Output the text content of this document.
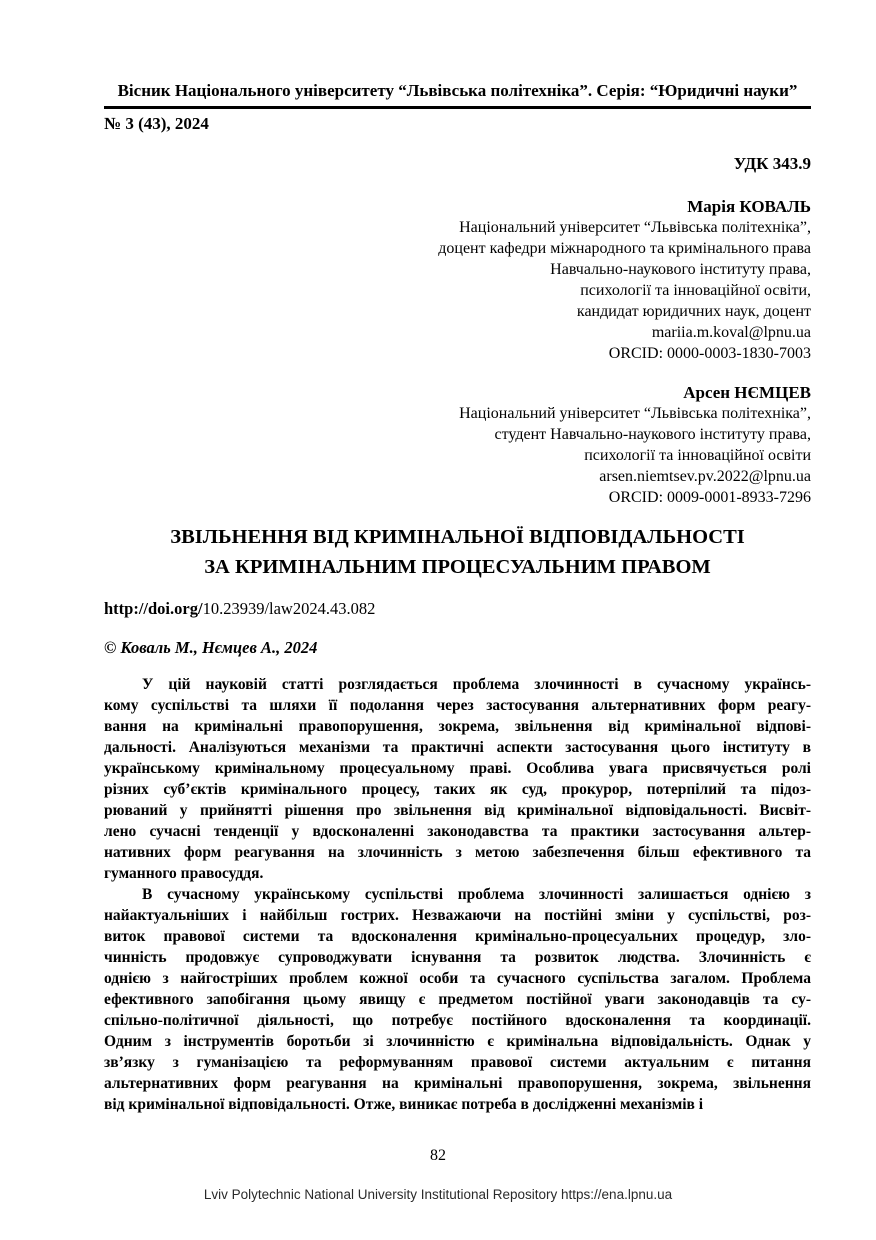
Вісник Національного університету “Львівська політехніка”. Серія: “Юридичні науки”
№ 3 (43), 2024
УДК 343.9
Марія КОВАЛЬ
Національний університет “Львівська політехніка”,
доцент кафедри міжнародного та кримінального права
Навчально-наукового інституту права,
психології та інноваційної освіти,
кандидат юридичних наук, доцент
mariia.m.koval@lpnu.ua
ORCID: 0000-0003-1830-7003
Арсен НЄМЦЕВ
Національний університет “Львівська політехніка”,
студент Навчально-наукового інституту права,
психології та інноваційної освіти
arsen.niemtsev.pv.2022@lpnu.ua
ORCID: 0009-0001-8933-7296
ЗВІЛЬНЕННЯ ВІД КРИМІНАЛЬНОЇ ВІДПОВІДАЛЬНОСТІ
ЗА КРИМІНАЛЬНИМ ПРОЦЕСУАЛЬНИМ ПРАВОМ
http://doi.org/10.23939/law2024.43.082
© Коваль М., Нємцев А., 2024
У цій науковій статті розглядається проблема злочинності в сучасному українсь-
кому суспільстві та шляхи її подолання через застосування альтернативних форм реагу-
вання на кримінальні правопорушення, зокрема, звільнення від кримінальної відпові-
дальності. Аналізуються механізми та практичні аспекти застосування цього інституту в
українському кримінальному процесуальному праві. Особлива увага присвячується ролі
різних суб’єктів кримінального процесу, таких як суд, прокурор, потерпілий та підоз-
рюваний у прийнятті рішення про звільнення від кримінальної відповідальності. Висвіт-
лено сучасні тенденції у вдосконаленні законодавства та практики застосування альтер-
нативних форм реагування на злочинність з метою забезпечення більш ефективного та
гуманного правосуддя.
В сучасному українському суспільстві проблема злочинності залишається однією з
найактуальніших і найбільш гострих. Незважаючи на постійні зміни у суспільстві, роз-
виток правової системи та вдосконалення кримінально-процесуальних процедур, зло-
чинність продовжує супроводжувати існування та розвиток людства. Злочинність є
однією з найгостріших проблем кожної особи та сучасного суспільства загалом. Проблема
ефективного запобігання цьому явищу є предметом постійної уваги законодавців та су-
спільно-політичної діяльності, що потребує постійного вдосконалення та координації.
Одним з інструментів боротьби зі злочинністю є кримінальна відповідальність. Однак у
зв’язку з гуманізацією та реформуванням правової системи актуальним є питання
альтернативних форм реагування на кримінальні правопорушення, зокрема, звільнення
від кримінальної відповідальності. Отже, виникає потреба в дослідженні механізмів і
82
Lviv Polytechnic National University Institutional Repository https://ena.lpnu.ua
